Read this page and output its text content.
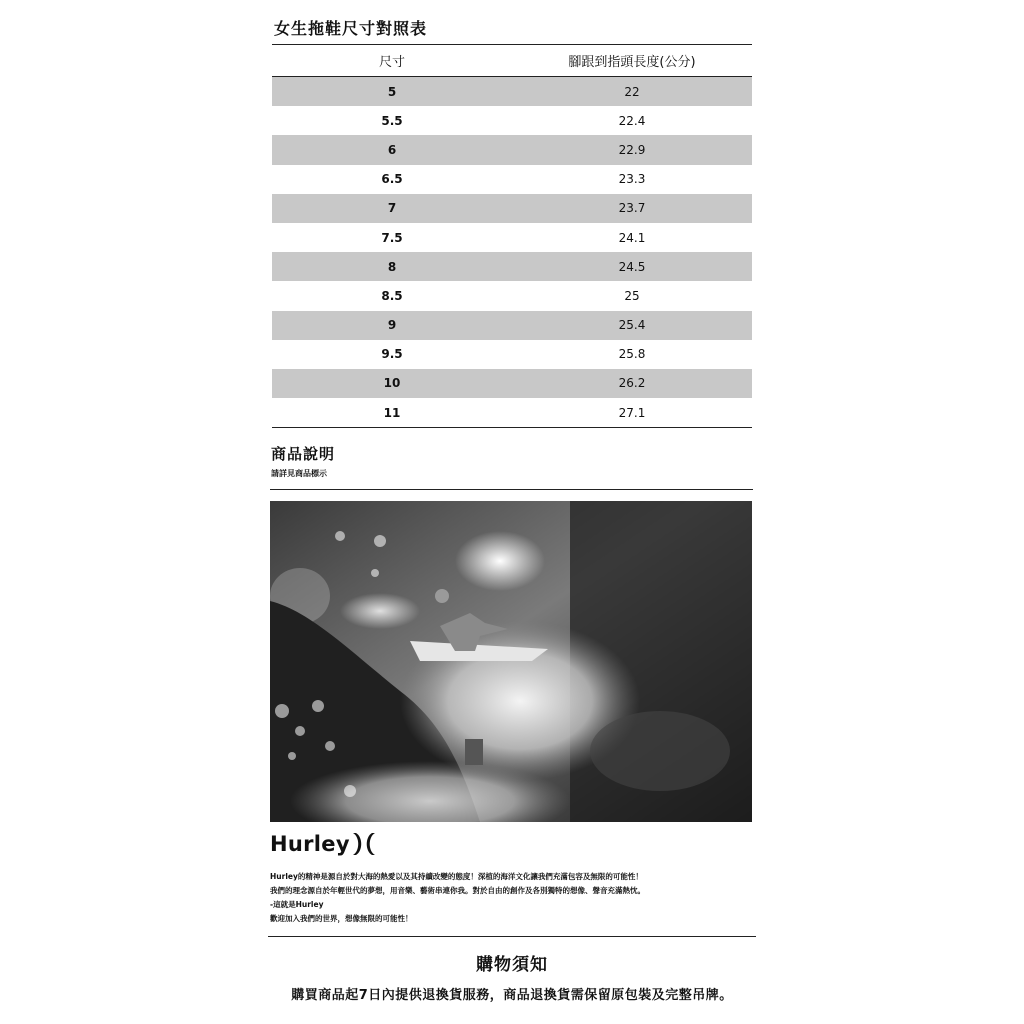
女生拖鞋尺寸對照表
尺寸	腳跟到指頭長度(公分)
5	22
5.5	22.4
6	22.9
6.5	23.3
7	23.7
7.5	24.1
8	24.5
8.5	25
9	25.4
9.5	25.8
10	26.2
11	27.1
商品說明
請詳見商品標示
Hurley

Hurley的精神是源自於對大海的熱愛以及其持續改變的態度！深植的海洋文化讓我們充滿包容及無限的可能性！

我們的理念源自於年輕世代的夢想，用音樂、藝術串連你我。對於自由的創作及各別獨特的想像、聲音充滿熱忱。

-這就是Hurley

歡迎加入我們的世界，想像無限的可能性！

購物須知
購買商品起7日內提供退換貨服務，商品退換貨需保留原包裝及完整吊牌。
